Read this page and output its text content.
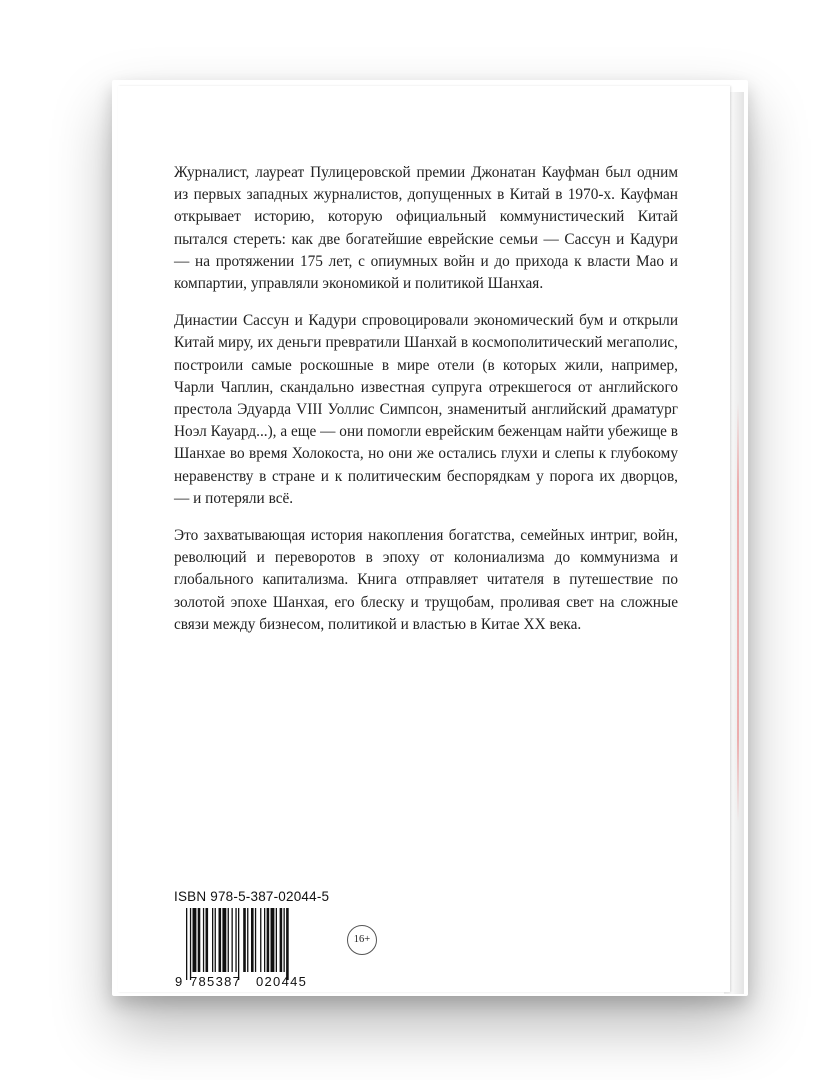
Журналист, лауреат Пулицеровской премии Джонатан Кауфман был одним из первых западных журналистов, допущенных в Китай в 1970-х. Кауфман открывает историю, которую официальный коммунистический Китай пытался стереть: как две богатейшие еврейские семьи — Сассун и Кадури — на протяжении 175 лет, с опиумных войн и до прихода к власти Мао и компартии, управляли экономикой и политикой Шанхая.

Династии Сассун и Кадури спровоцировали экономический бум и открыли Китай миру, их деньги превратили Шанхай в космополитический мегаполис, построили самые роскошные в мире отели (в которых жили, например, Чарли Чаплин, скандально известная супруга отрекшегося от английского престола Эдуарда VIII Уоллис Симпсон, знаменитый английский драматург Ноэл Кауард...), а еще — они помогли еврейским беженцам найти убежище в Шанхае во время Холокоста, но они же остались глухи и слепы к глубокому неравенству в стране и к политическим беспорядкам у порога их дворцов, — и потеряли всё.

Это захватывающая история накопления богатства, семейных интриг, войн, революций и переворотов в эпоху от колониализма до коммунизма и глобального капитализма. Книга отправляет читателя в путешествие по золотой эпохе Шанхая, его блеску и трущобам, проливая свет на сложные связи между бизнесом, политикой и властью в Китае XX века.

ISBN 978-5-387-02044-5
9 785387 020445
16+
